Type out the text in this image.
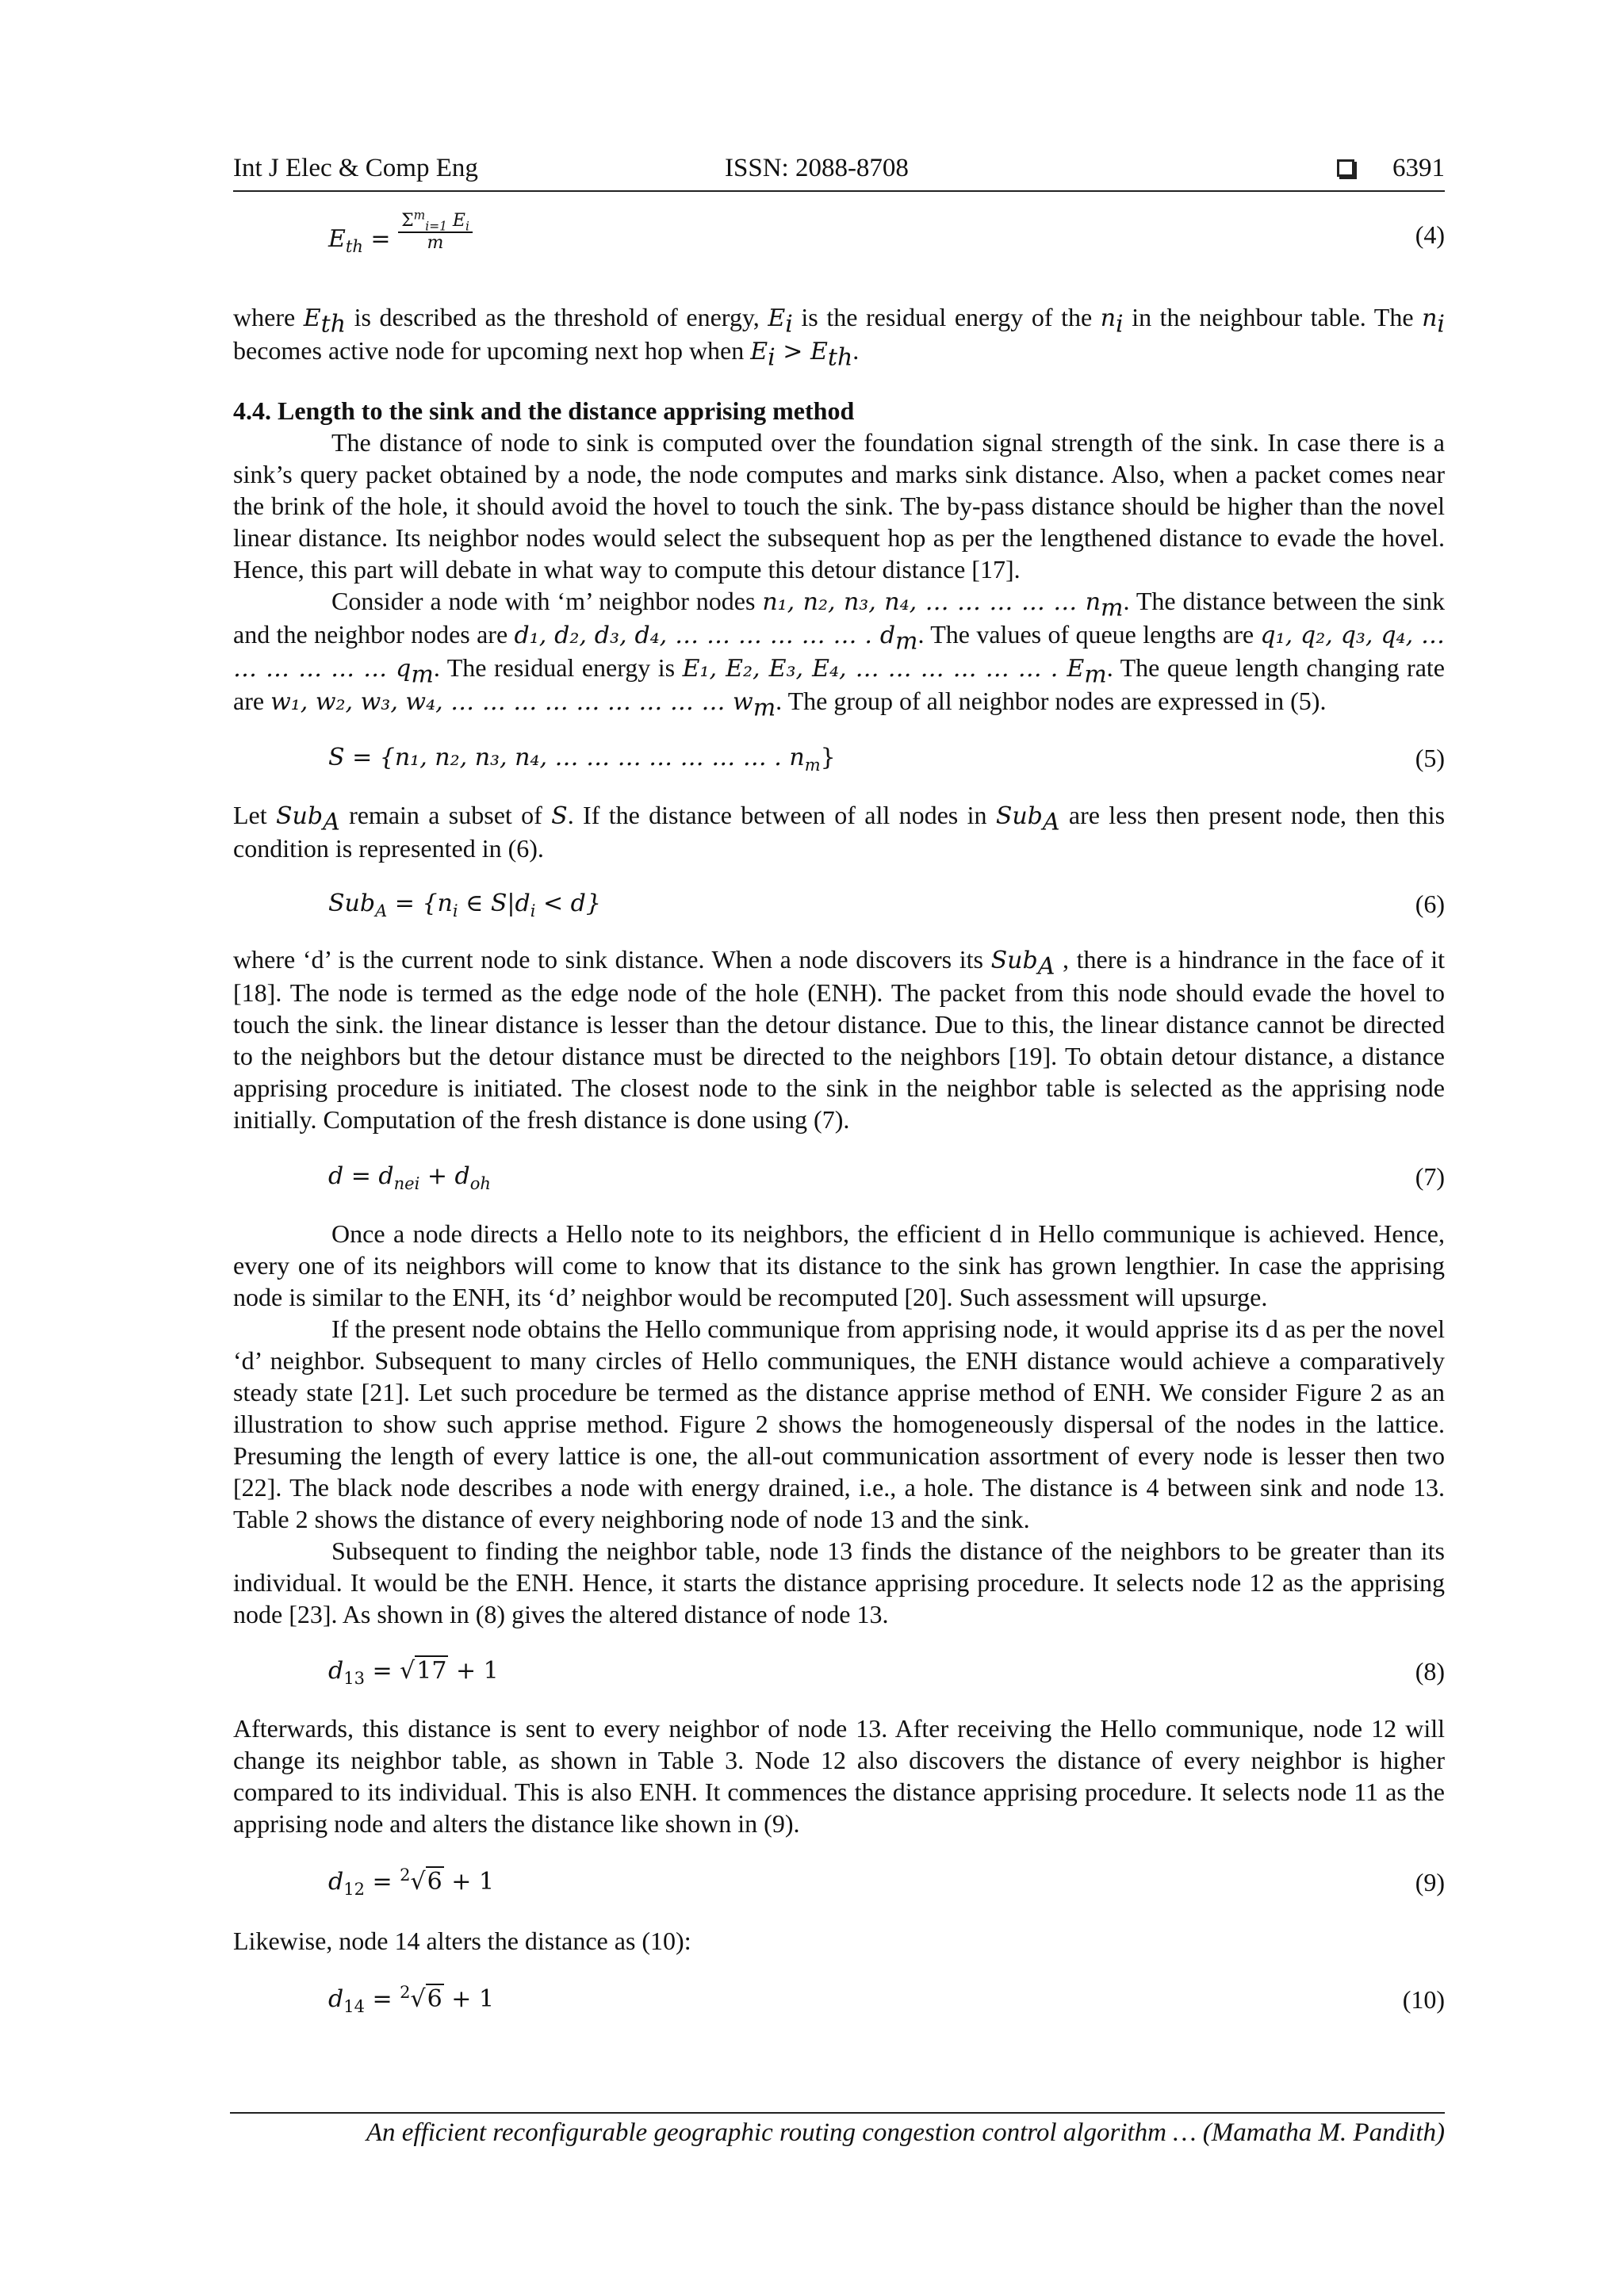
Int J Elec & Comp Eng	ISSN: 2088-8708	6391
$E_{th} = \frac{\Sigma^m_{i=1} E_i}{m}$	(4)

where $E_{th}$ is described as the threshold of energy, $E_i$ is the residual energy of the $n_i$ in the neighbour table. The $n_i$ becomes active node for upcoming next hop when $E_i > E_{th}$.

4.4. Length to the sink and the distance apprising method

The distance of node to sink is computed over the foundation signal strength of the sink. In case there is a sink’s query packet obtained by a node, the node computes and marks sink distance. Also, when a packet comes near the brink of the hole, it should avoid the hovel to touch the sink. The by-pass distance should be higher than the novel linear distance. Its neighbor nodes would select the subsequent hop as per the lengthened distance to evade the hovel. Hence, this part will debate in what way to compute this detour distance [17].

Consider a node with ‘m’ neighbor nodes n₁, n₂, n₃, n₄, … … … … … $n_m$. The distance between the sink and the neighbor nodes are d₁, d₂, d₃, d₄, … … … … … … . $d_m$. The values of queue lengths are q₁, q₂, q₃, q₄, … … … … … … $q_m$. The residual energy is E₁, E₂, E₃, E₄, … … … … … … . $E_m$. The queue length changing rate are w₁, w₂, w₃, w₄, … … … … … … … … … $w_m$. The group of all neighbor nodes are expressed in (5).

S = {n₁, n₂, n₃, n₄, … … … … … … … . $n_m$}	(5)

Let Sub$_A$ remain a subset of S. If the distance between of all nodes in Sub$_A$ are less then present node, then this condition is represented in (6).

$Sub_A = \{n_i$ ∈ $S|d_i < d$}	(6)

where ‘d’ is the current node to sink distance. When a node discovers its Sub$_A$ , there is a hindrance in the face of it [18]. The node is termed as the edge node of the hole (ENH). The packet from this node should evade the hovel to touch the sink. the linear distance is lesser than the detour distance. Due to this, the linear distance cannot be directed to the neighbors but the detour distance must be directed to the neighbors [19]. To obtain detour distance, a distance apprising procedure is initiated. The closest node to the sink in the neighbor table is selected as the apprising node initially. Computation of the fresh distance is done using (7).

$d = d_{nei} + d_{oh}$	(7)

Once a node directs a Hello note to its neighbors, the efficient d in Hello communique is achieved. Hence, every one of its neighbors will come to know that its distance to the sink has grown lengthier. In case the apprising node is similar to the ENH, its ‘d’ neighbor would be recomputed [20]. Such assessment will upsurge.

If the present node obtains the Hello communique from apprising node, it would apprise its d as per the novel ‘d’ neighbor. Subsequent to many circles of Hello communiques, the ENH distance would achieve a comparatively steady state [21]. Let such procedure be termed as the distance apprise method of ENH. We consider Figure 2 as an illustration to show such apprise method. Figure 2 shows the homogeneously dispersal of the nodes in the lattice. Presuming the length of every lattice is one, the all-out communication assortment of every node is lesser then two [22]. The black node describes a node with energy drained, i.e., a hole. The distance is 4 between sink and node 13. Table 2 shows the distance of every neighboring node of node 13 and the sink.

Subsequent to finding the neighbor table, node 13 finds the distance of the neighbors to be greater than its individual. It would be the ENH. Hence, it starts the distance apprising procedure. It selects node 12 as the apprising node [23]. As shown in (8) gives the altered distance of node 13.

$d_{13} = √17 + 1$	(8)

Afterwards, this distance is sent to every neighbor of node 13. After receiving the Hello communique, node 12 will change its neighbor table, as shown in Table 3. Node 12 also discovers the distance of every neighbor is higher compared to its individual. This is also ENH. It commences the distance apprising procedure. It selects node 11 as the apprising node and alters the distance like shown in (9).

$d_{12} = ^2√6 + 1$	(9)

Likewise, node 14 alters the distance as (10):

$d_{14} = ^2√6 + 1$	(10)
An efficient reconfigurable geographic routing congestion control algorithm … (Mamatha M. Pandith)
